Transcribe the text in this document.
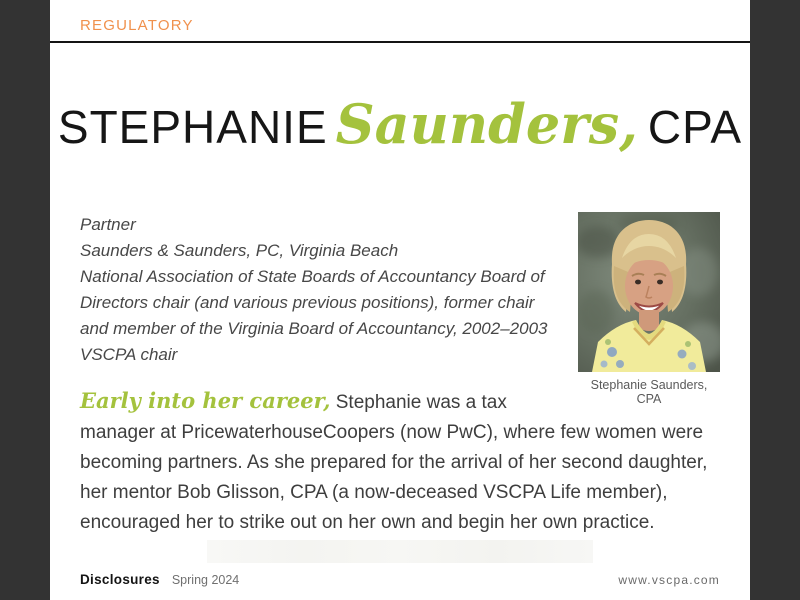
REGULATORY
STEPHANIE Saunders, CPA

Partner
Saunders & Saunders, PC, Virginia Beach
National Association of State Boards of Accountancy Board of Directors chair (and various previous positions), former chair and member of the Virginia Board of Accountancy, 2002–2003 VSCPA chair

Stephanie Saunders, CPA

Early into her career, Stephanie was a tax manager at PricewaterhouseCoopers (now PwC), where few women were becoming partners. As she prepared for the arrival of her second daughter, her mentor Bob Glisson, CPA (a now-deceased VSCPA Life member), encouraged her to strike out on her own and begin her own practice.

Disclosures Spring 2024	www.vscpa.com
